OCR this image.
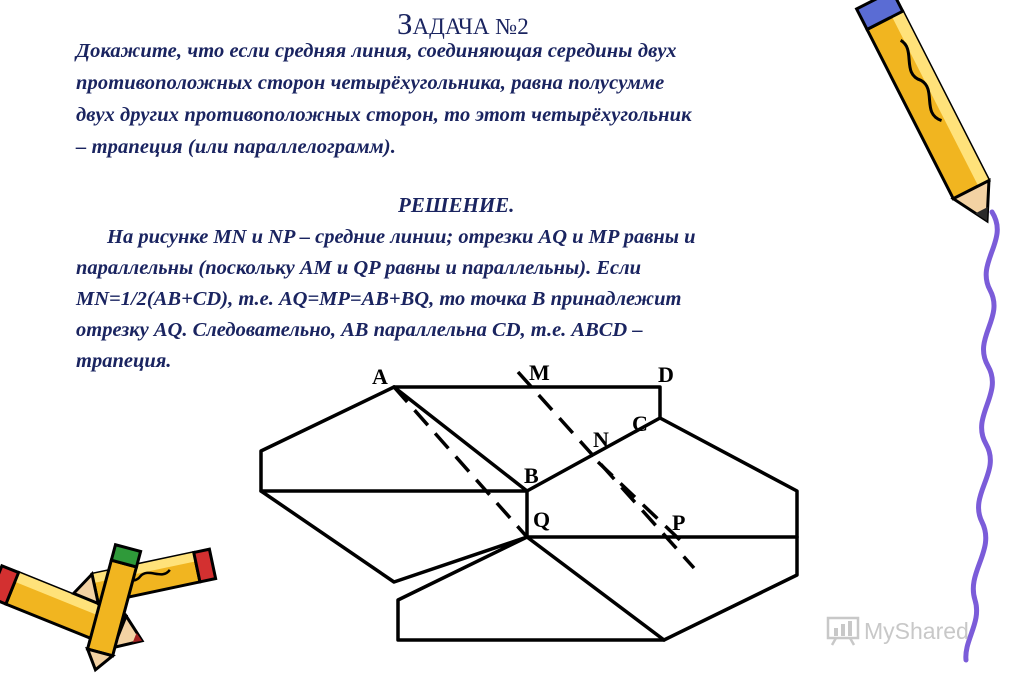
ЗАДАЧА №2
Докажите, что если средняя линия, соединяющая середины двух
противоположных сторон четырёхугольника, равна полусумме
двух других противоположных сторон, то этот четырёхугольник
– трапеция (или параллелограмм).
РЕШЕНИЕ.
На рисунке MN и NP – средние линии; отрезки AQ и MP равны и
параллельны (поскольку AM и QP равны и параллельны). Если
MN=1/2(AB+CD), т.е. AQ=MP=AB+BQ, то точка B принадлежит
отрезку AQ. Следовательно, AB параллельна CD, т.е. ABCD –
трапеция.
A	M	D
C
N
B
Q	P
MyShared
